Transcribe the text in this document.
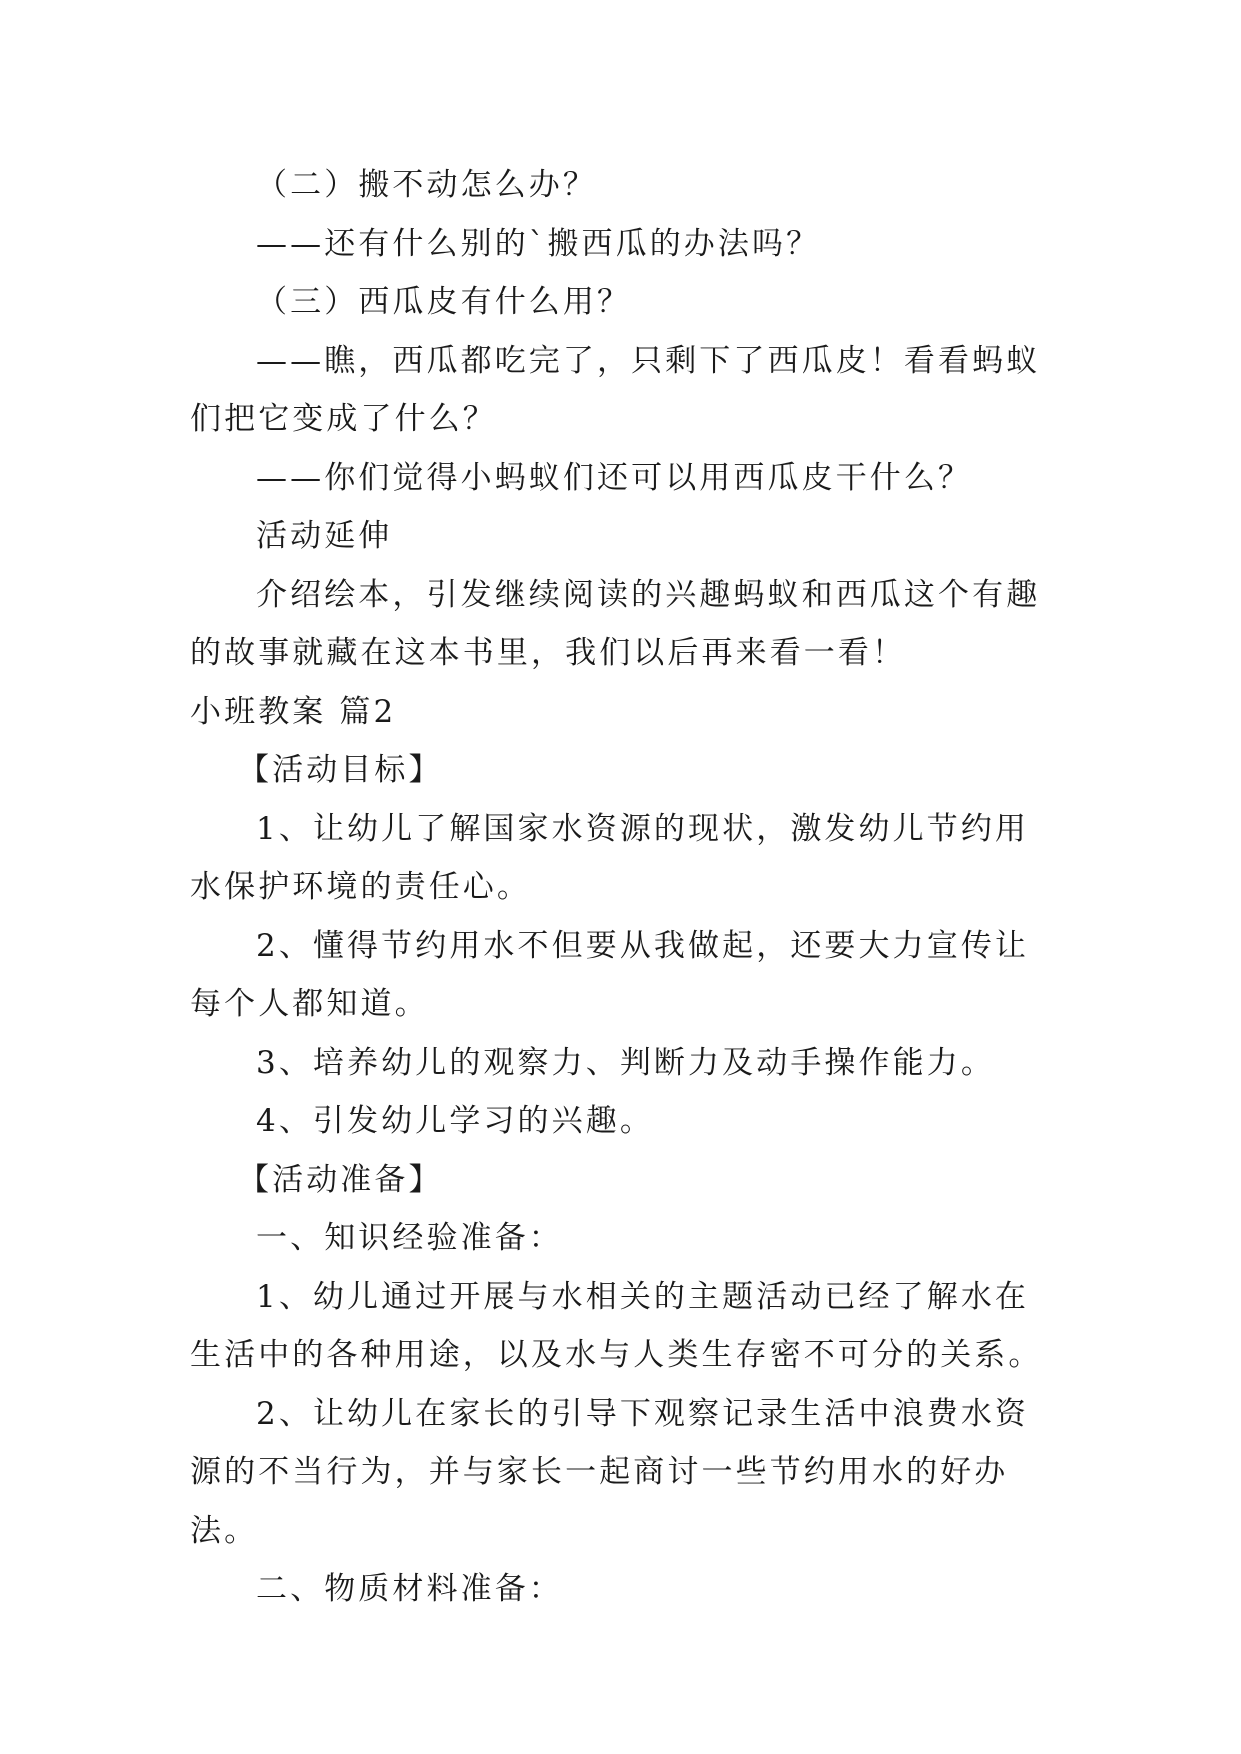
（二）搬不动怎么办？

——还有什么别的`搬西瓜的办法吗？

（三）西瓜皮有什么用？

——瞧，西瓜都吃完了，只剩下了西瓜皮！看看蚂蚁们把它变成了什么？

——你们觉得小蚂蚁们还可以用西瓜皮干什么？

活动延伸

介绍绘本，引发继续阅读的兴趣蚂蚁和西瓜这个有趣的故事就藏在这本书里，我们以后再来看一看！

小班教案 篇2

【活动目标】

1、让幼儿了解国家水资源的现状，激发幼儿节约用水保护环境的责任心。

2、懂得节约用水不但要从我做起，还要大力宣传让每个人都知道。

3、培养幼儿的观察力、判断力及动手操作能力。

4、引发幼儿学习的兴趣。

【活动准备】

一、知识经验准备：

1、幼儿通过开展与水相关的主题活动已经了解水在生活中的各种用途，以及水与人类生存密不可分的关系。

2、让幼儿在家长的引导下观察记录生活中浪费水资源的不当行为，并与家长一起商讨一些节约用水的好办法。

二、物质材料准备：
